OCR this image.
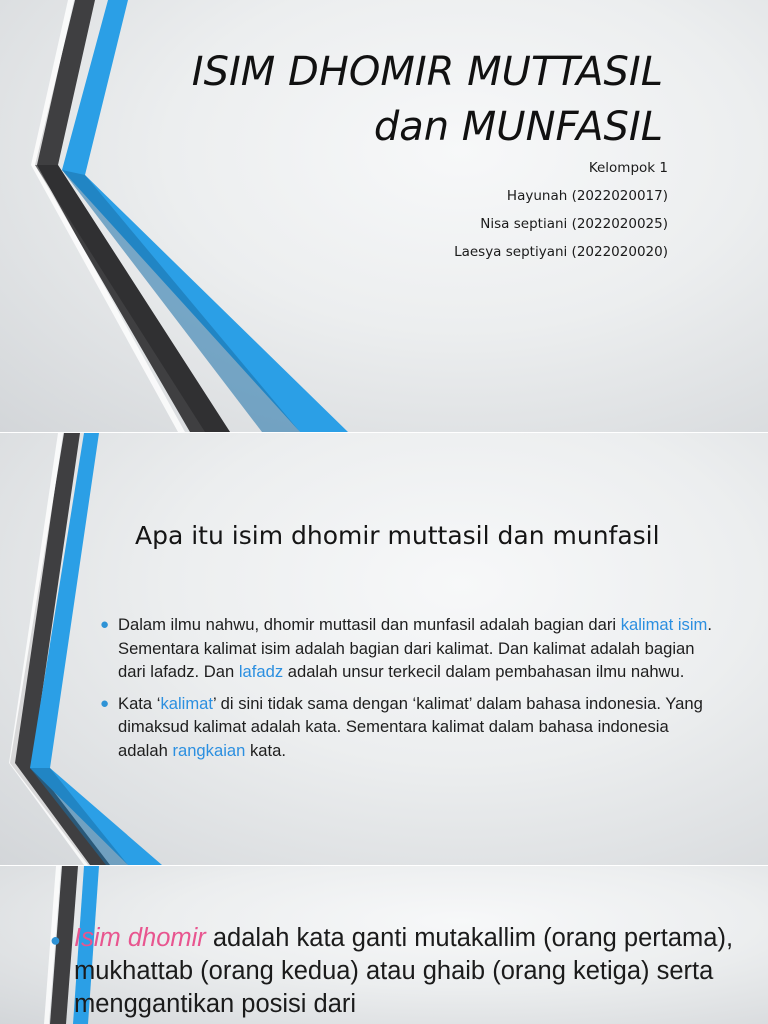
ISIM DHOMIR MUTTASIL
dan MUNFASIL
Kelompok 1
Hayunah (2022020017)
Nisa septiani (2022020025)
Laesya septiyani (2022020020)
Apa itu isim dhomir muttasil dan munfasil
● Dalam ilmu nahwu, dhomir muttasil dan munfasil adalah bagian dari kalimat isim. Sementara kalimat isim adalah bagian dari kalimat. Dan kalimat adalah bagian dari lafadz. Dan lafadz adalah unsur terkecil dalam pembahasan ilmu nahwu.
● Kata ‘kalimat’ di sini tidak sama dengan ‘kalimat’ dalam bahasa indonesia. Yang dimaksud kalimat adalah kata. Sementara kalimat dalam bahasa indonesia adalah rangkaian kata.
● Isim dhomir adalah kata ganti mutakallim (orang pertama), mukhattab (orang kedua) atau ghaib (orang ketiga) serta menggantikan posisi dari
